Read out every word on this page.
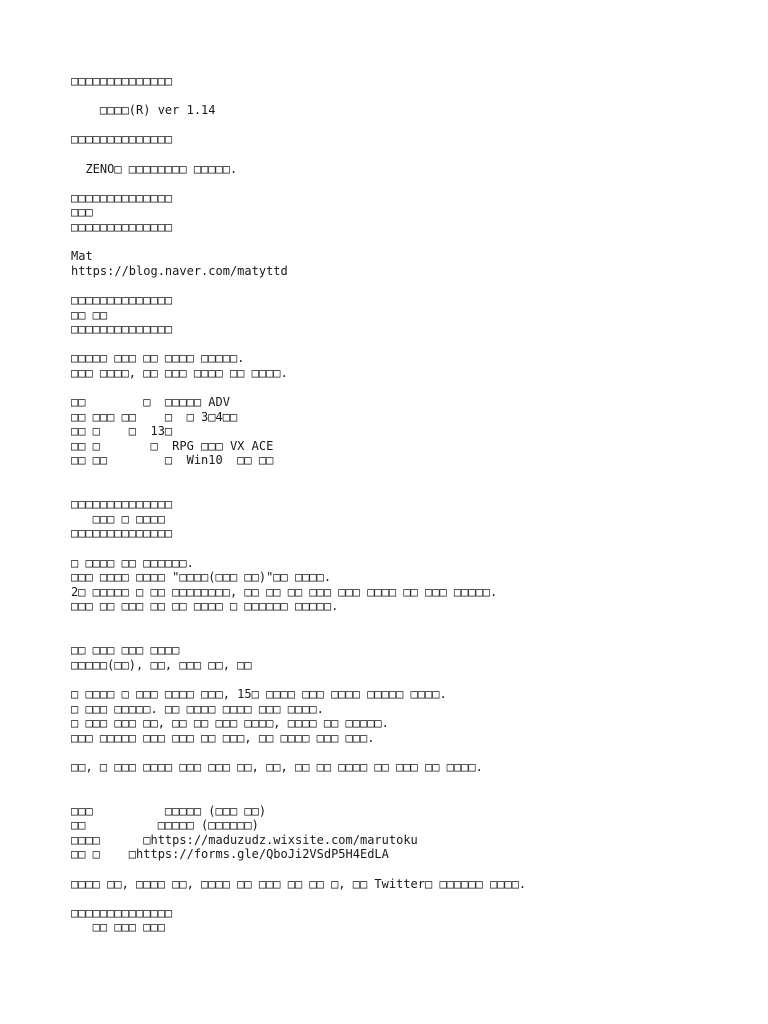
□□□□□□□□□□□□□□
□□□□(R) ver 1.14
□□□□□□□□□□□□□□
ZENO□ □□□□□□□□ □□□□□.
□□□□□□□□□□□□□□
□□□
□□□□□□□□□□□□□□
Mat
https://blog.naver.com/matyttd
□□□□□□□□□□□□□□
□□ □□
□□□□□□□□□□□□□□
□□□□□ □□□ □□ □□□□ □□□□□.
□□□ □□□□, □□ □□□ □□□□ □□ □□□□.
□□        □  □□□□□ ADV
□□ □□□ □□    □  □ 3□4□□
□□ □    □  13□
□□ □       □  RPG □□□ VX ACE
□□ □□        □  Win10  □□ □□
□□□□□□□□□□□□□□
□□□ □ □□□□
□□□□□□□□□□□□□□
□ □□□□ □□ □□□□□□.
□□□ □□□□ □□□□ "□□□□(□□□ □□)"□□ □□□□.
2□ □□□□□ □ □□ □□□□□□□□, □□ □□ □□ □□□ □□□ □□□□ □□ □□□ □□□□□.
□□□ □□ □□□ □□ □□ □□□□ □ □□□□□□ □□□□□.
□□ □□□ □□□ □□□□
□□□□□(□□), □□, □□□ □□, □□
□ □□□□ □ □□□ □□□□ □□□, 15□ □□□□ □□□ □□□□ □□□□□ □□□□.
□ □□□ □□□□□. □□ □□□□ □□□□ □□□ □□□□.
□ □□□ □□□ □□, □□ □□ □□□ □□□□, □□□□ □□ □□□□□.
□□□ □□□□□ □□□ □□□ □□ □□□, □□ □□□□ □□□ □□□.
□□, □ □□□ □□□□ □□□ □□□ □□, □□, □□ □□ □□□□ □□ □□□ □□ □□□□.
□□□          □□□□□ (□□□ □□)
□□          □□□□□ (□□□□□□)
□□□□      □https://maduzudz.wixsite.com/marutoku
□□ □    □https://forms.gle/QboJi2VSdP5H4EdLA
□□□□ □□, □□□□ □□, □□□□ □□ □□□ □□ □□ □, □□ Twitter□ □□□□□□ □□□□.
□□□□□□□□□□□□□□
□□ □□□ □□□
